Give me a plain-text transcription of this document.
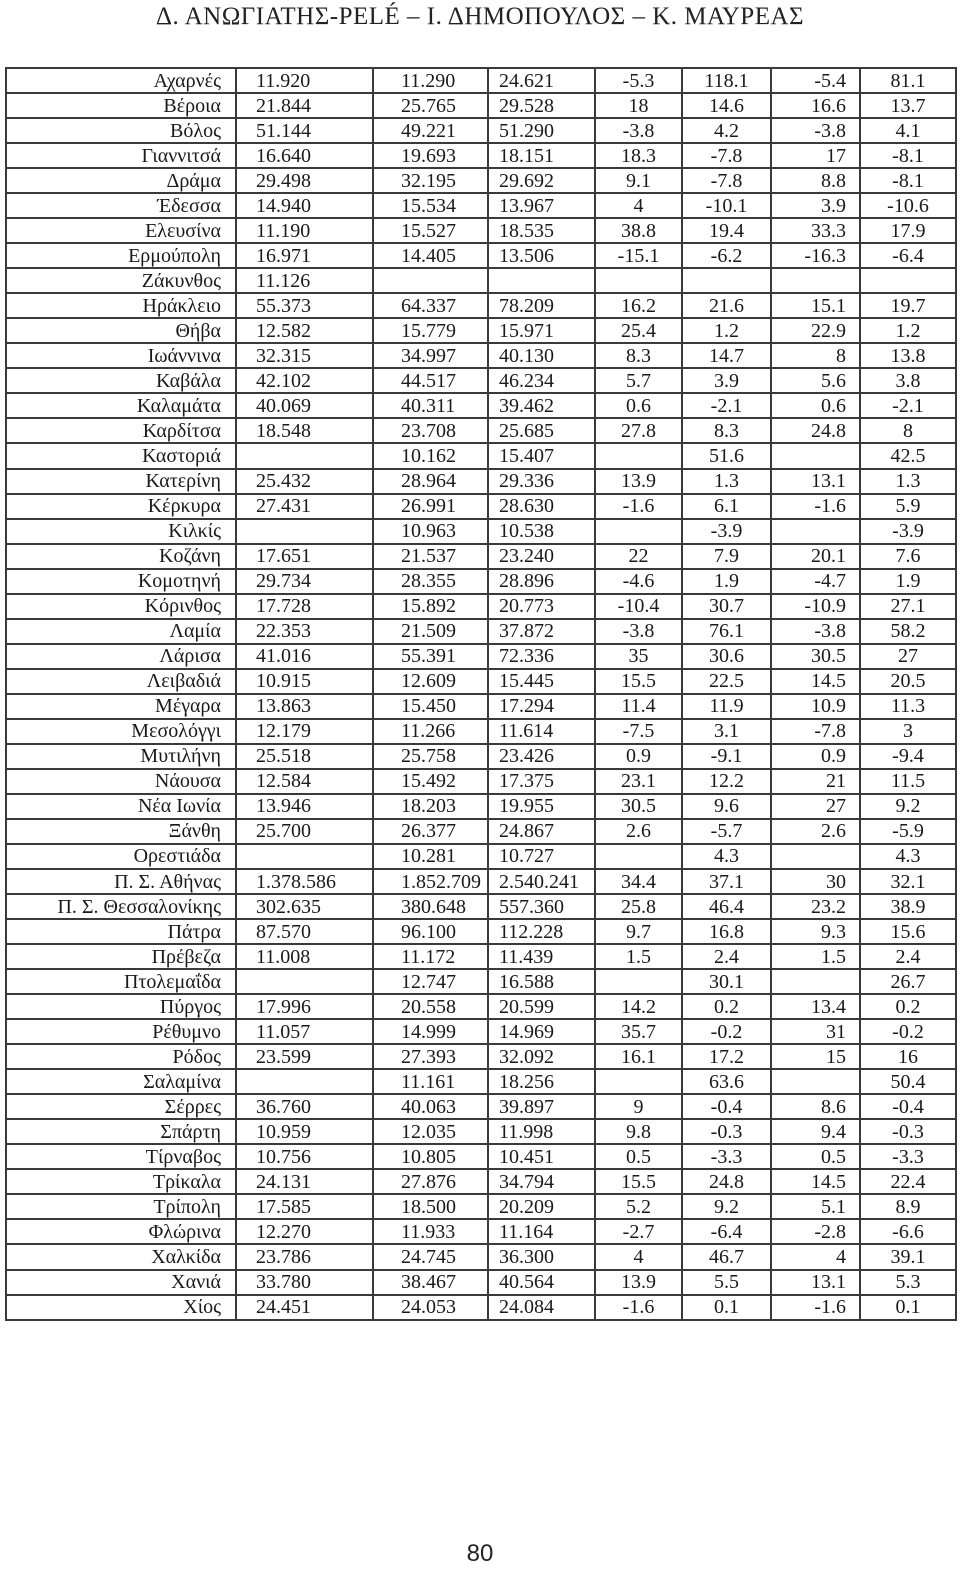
Δ. ΑΝΩΓΙΑΤΗΣ-PELÉ – Ι. ΔΗΜΟΠΟΥΛΟΣ – Κ. ΜΑΥΡΕΑΣ
Αχαρνές	11.920	11.290	24.621	-5.3	118.1	-5.4	81.1
Βέροια	21.844	25.765	29.528	18	14.6	16.6	13.7
Βόλος	51.144	49.221	51.290	-3.8	4.2	-3.8	4.1
Γιαννιτσά	16.640	19.693	18.151	18.3	-7.8	17	-8.1
Δράμα	29.498	32.195	29.692	9.1	-7.8	8.8	-8.1
Έδεσσα	14.940	15.534	13.967	4	-10.1	3.9	-10.6
Ελευσίνα	11.190	15.527	18.535	38.8	19.4	33.3	17.9
Ερμούπολη	16.971	14.405	13.506	-15.1	-6.2	-16.3	-6.4
Ζάκυνθος	11.126						
Ηράκλειο	55.373	64.337	78.209	16.2	21.6	15.1	19.7
Θήβα	12.582	15.779	15.971	25.4	1.2	22.9	1.2
Ιωάννινα	32.315	34.997	40.130	8.3	14.7	8	13.8
Καβάλα	42.102	44.517	46.234	5.7	3.9	5.6	3.8
Καλαμάτα	40.069	40.311	39.462	0.6	-2.1	0.6	-2.1
Καρδίτσα	18.548	23.708	25.685	27.8	8.3	24.8	8
Καστοριά		10.162	15.407		51.6		42.5
Κατερίνη	25.432	28.964	29.336	13.9	1.3	13.1	1.3
Κέρκυρα	27.431	26.991	28.630	-1.6	6.1	-1.6	5.9
Κιλκίς		10.963	10.538		-3.9		-3.9
Κοζάνη	17.651	21.537	23.240	22	7.9	20.1	7.6
Κομοτηνή	29.734	28.355	28.896	-4.6	1.9	-4.7	1.9
Κόρινθος	17.728	15.892	20.773	-10.4	30.7	-10.9	27.1
Λαμία	22.353	21.509	37.872	-3.8	76.1	-3.8	58.2
Λάρισα	41.016	55.391	72.336	35	30.6	30.5	27
Λειβαδιά	10.915	12.609	15.445	15.5	22.5	14.5	20.5
Μέγαρα	13.863	15.450	17.294	11.4	11.9	10.9	11.3
Μεσολόγγι	12.179	11.266	11.614	-7.5	3.1	-7.8	3
Μυτιλήνη	25.518	25.758	23.426	0.9	-9.1	0.9	-9.4
Νάουσα	12.584	15.492	17.375	23.1	12.2	21	11.5
Νέα Ιωνία	13.946	18.203	19.955	30.5	9.6	27	9.2
Ξάνθη	25.700	26.377	24.867	2.6	-5.7	2.6	-5.9
Ορεστιάδα		10.281	10.727		4.3		4.3
Π. Σ. Αθήνας	1.378.586	1.852.709	2.540.241	34.4	37.1	30	32.1
Π. Σ. Θεσσαλονίκης	302.635	380.648	557.360	25.8	46.4	23.2	38.9
Πάτρα	87.570	96.100	112.228	9.7	16.8	9.3	15.6
Πρέβεζα	11.008	11.172	11.439	1.5	2.4	1.5	2.4
Πτολεμαΐδα		12.747	16.588		30.1		26.7
Πύργος	17.996	20.558	20.599	14.2	0.2	13.4	0.2
Ρέθυμνο	11.057	14.999	14.969	35.7	-0.2	31	-0.2
Ρόδος	23.599	27.393	32.092	16.1	17.2	15	16
Σαλαμίνα		11.161	18.256		63.6		50.4
Σέρρες	36.760	40.063	39.897	9	-0.4	8.6	-0.4
Σπάρτη	10.959	12.035	11.998	9.8	-0.3	9.4	-0.3
Τίρναβος	10.756	10.805	10.451	0.5	-3.3	0.5	-3.3
Τρίκαλα	24.131	27.876	34.794	15.5	24.8	14.5	22.4
Τρίπολη	17.585	18.500	20.209	5.2	9.2	5.1	8.9
Φλώρινα	12.270	11.933	11.164	-2.7	-6.4	-2.8	-6.6
Χαλκίδα	23.786	24.745	36.300	4	46.7	4	39.1
Χανιά	33.780	38.467	40.564	13.9	5.5	13.1	5.3
Χίος	24.451	24.053	24.084	-1.6	0.1	-1.6	0.1
80
